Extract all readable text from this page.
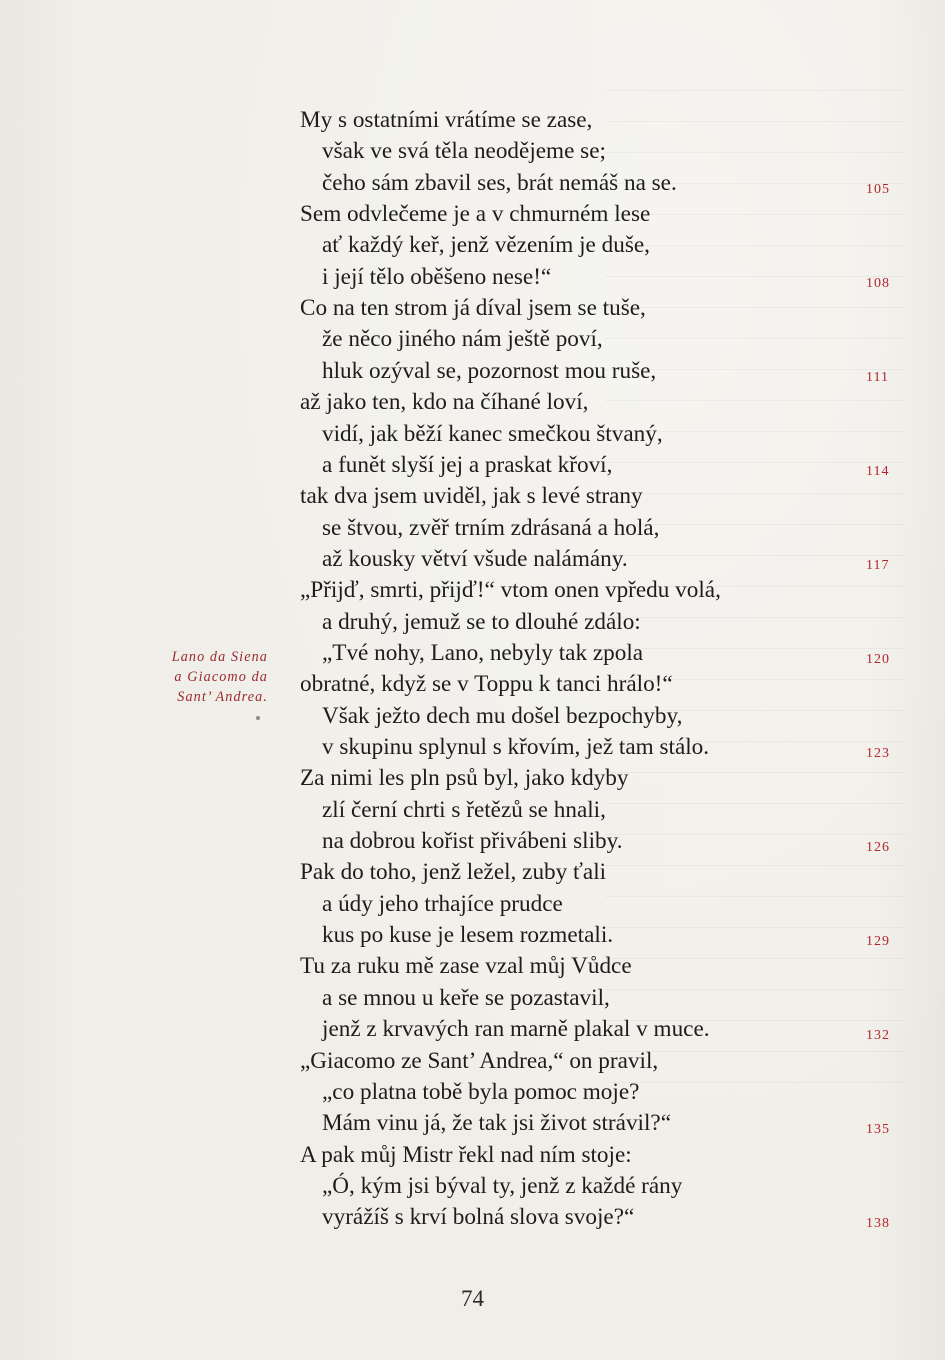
My s ostatními vrátíme se zase,
však ve svá těla neoděјeme se;
čeho sám zbavil ses, brát nemáš na se.	105
Sem odvlečeme je a v chmurném lese
ať každý keř, jenž vězením je duše,
i její tělo oběšeno nese!“	108
Co na ten strom já díval jsem se tuše,
že něco jiného nám ještě poví,
hluk ozýval se, pozornost mou ruše,	111
až jako ten, kdo na číhané loví,
vidí, jak běží kanec smečkou štvaný,
a funět slyší jej a praskat křoví,	114
tak dva jsem uviděl, jak s levé strany
se štvou, zvěř trním zdrásaná a holá,
až kousky větví všude nalámány.	117
„Přijď, smrti, přijď!“ vtom onen vpředu volá,
a druhý, jemuž se to dlouhé zdálo:
„Tvé nohy, Lano, nebyly tak zpola	120
obratné, když se v Toppu k tanci hrálo!“
Však ježto dech mu došel bezpochyby,
v skupinu splynul s křovím, jež tam stálo.	123
Za nimi les pln psů byl, jako kdyby
zlí černí chrti s řetězů se hnali,
na dobrou kořist přivábeni sliby.	126
Pak do toho, jenž ležel, zuby ťali
a údy jeho trhajíce prudce
kus po kuse je lesem rozmetali.	129
Tu za ruku mě zase vzal můj Vůdce
a se mnou u keře se pozastavil,
jenž z krvavých ran marně plakal v muce.	132
„Giacomo ze Sant’ Andrea,“ on pravil,
„co platna tobě byla pomoc moje?
Mám vinu já, že tak jsi život strávil?“	135
A pak můj Mistr řekl nad ním stoje:
„Ó, kým jsi býval ty, jenž z každé rány
vyrážíš s krví bolná slova svoje?“	138
Lano da Siena
a Giacomo da
Sant’ Andrea.
74
